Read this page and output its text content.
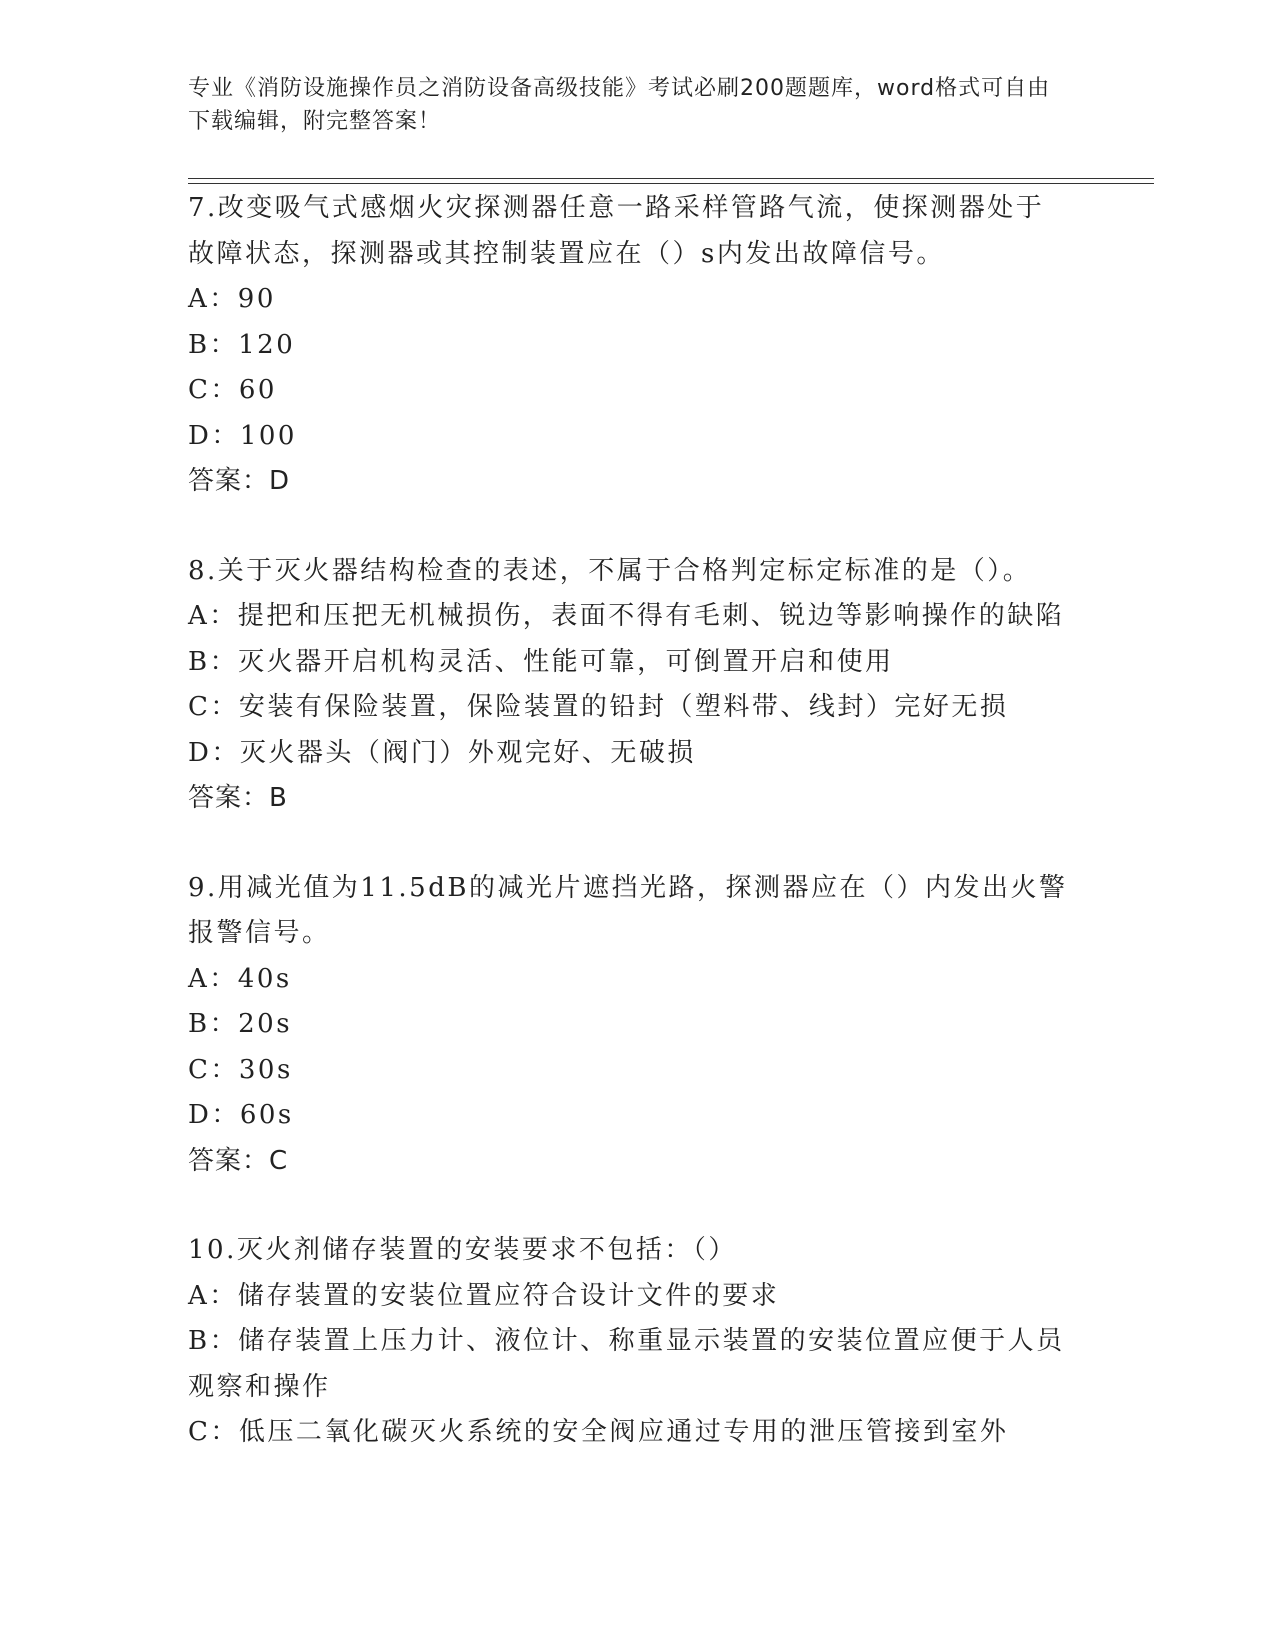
专业《消防设施操作员之消防设备高级技能》考试必刷200题题库，word格式可自由下载编辑，附完整答案！
7.改变吸气式感烟火灾探测器任意一路采样管路气流，使探测器处于故障状态，探测器或其控制装置应在（）s内发出故障信号。
A：90
B：120
C：60
D：100
答案：D
8.关于灭火器结构检查的表述，不属于合格判定标定标准的是（）。
A：提把和压把无机械损伤，表面不得有毛刺、锐边等影响操作的缺陷
B：灭火器开启机构灵活、性能可靠，可倒置开启和使用
C：安装有保险装置，保险装置的铅封（塑料带、线封）完好无损
D：灭火器头（阀门）外观完好、无破损
答案：B
9.用减光值为11.5dB的减光片遮挡光路，探测器应在（）内发出火警报警信号。
A：40s
B：20s
C：30s
D：60s
答案：C
10.灭火剂储存装置的安装要求不包括：（）
A：储存装置的安装位置应符合设计文件的要求
B：储存装置上压力计、液位计、称重显示装置的安装位置应便于人员观察和操作
C：低压二氧化碳灭火系统的安全阀应通过专用的泄压管接到室外
